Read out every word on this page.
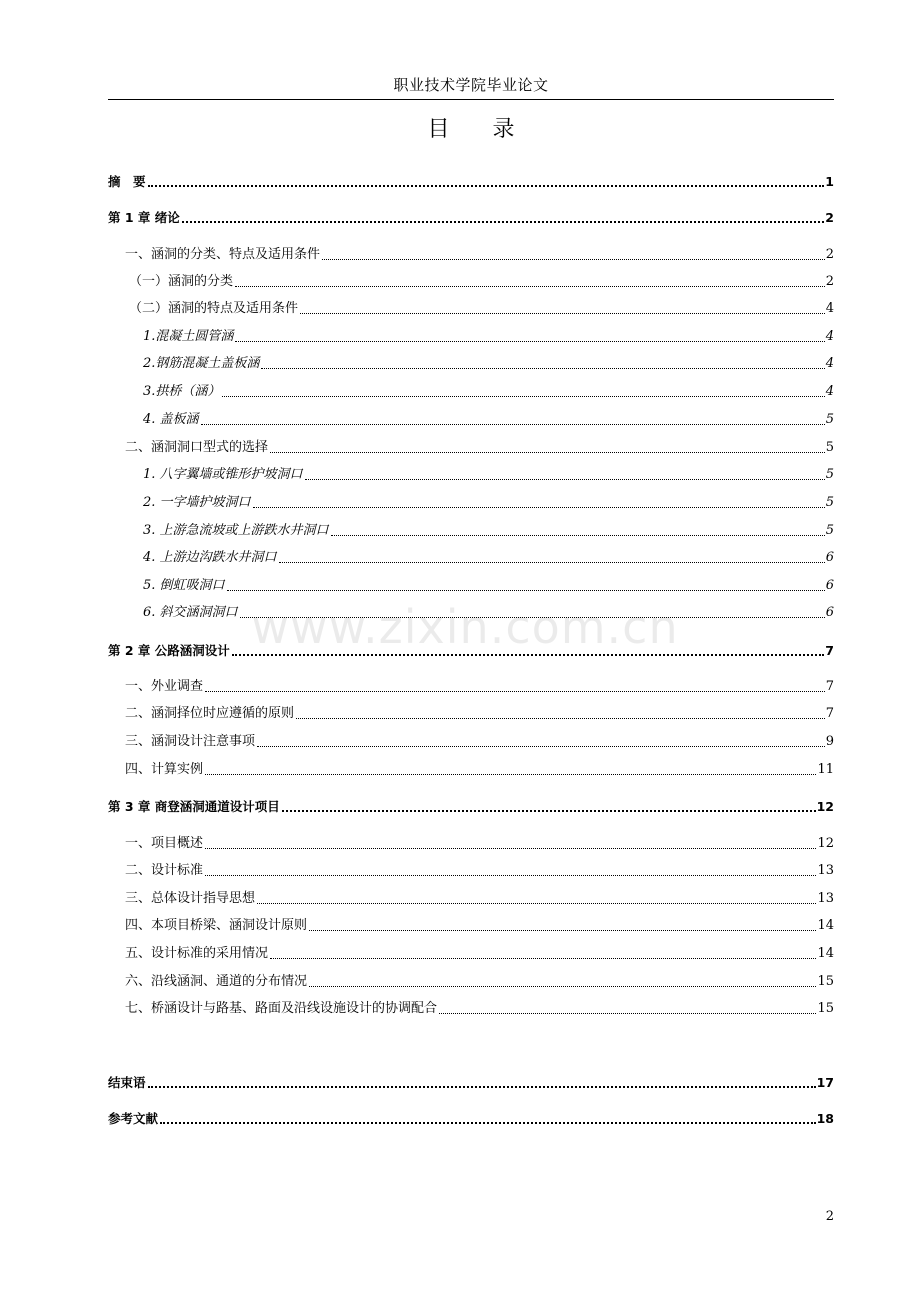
职业技术学院毕业论文
目 录
摘　要	1
第 1 章 绪论	2
一、涵洞的分类、特点及适用条件	2
（一）涵洞的分类	2
（二）涵洞的特点及适用条件	4
1.混凝土圆管涵	4
2.钢筋混凝土盖板涵	4
3.拱桥（涵）	4
4. 盖板涵	5
二、涵洞洞口型式的选择	5
1. 八字翼墙或锥形护坡洞口	5
2. 一字墙护坡洞口	5
3. 上游急流坡或上游跌水井洞口	5
4. 上游边沟跌水井洞口	6
5. 倒虹吸洞口	6
6. 斜交涵洞洞口	6
第 2 章 公路涵洞设计	7
一、外业调查	7
二、涵洞择位时应遵循的原则	7
三、涵洞设计注意事项	9
四、计算实例	11
第 3 章 商登涵洞通道设计项目	12
一、项目概述	12
二、设计标准	13
三、总体设计指导思想	13
四、本项目桥梁、涵洞设计原则	14
五、设计标准的采用情况	14
六、沿线涵洞、通道的分布情况	15
七、桥涵设计与路基、路面及沿线设施设计的协调配合	15
结束语	17
参考文献	18
www.zixin.com.cn
2
